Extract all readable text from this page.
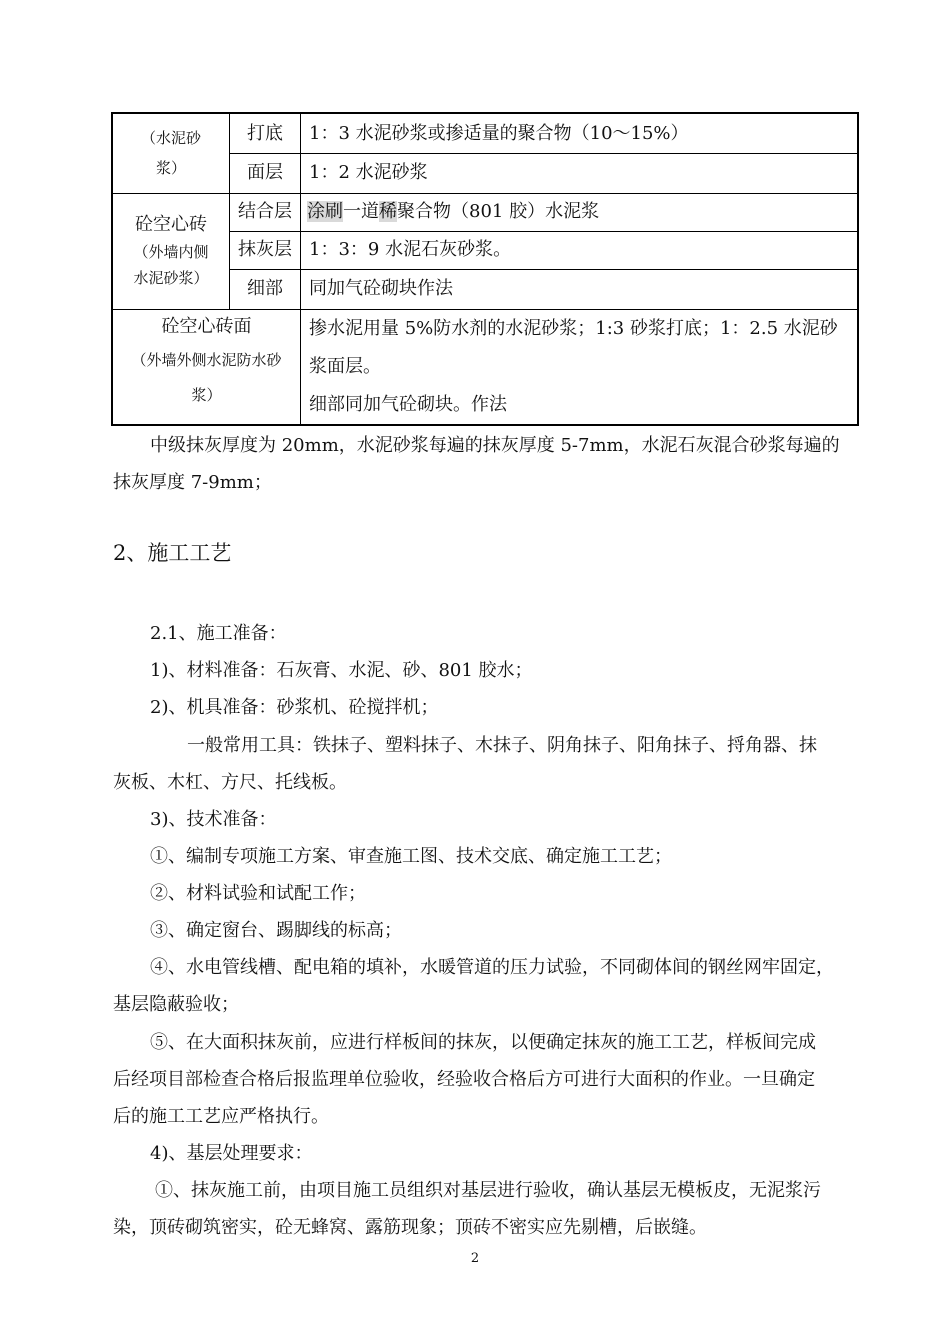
（水泥砂
浆）	打底	1：3 水泥砂浆或掺适量的聚合物（10～15%）
	面层	1：2 水泥砂浆

砼空心砖
（外墙内侧
水泥砂浆）	结合层	涂刷一道稀聚合物（801 胶）水泥浆
	抹灰层	1：3：9 水泥石灰砂浆。
	细部	同加气砼砌块作法

砼空心砖面
（外墙外侧水泥防水砂
浆）		掺水泥用量 5%防水剂的水泥砂浆；1:3 砂浆打底；1：2.5 水泥砂
浆面层。
细部同加气砼砌块。作法

中级抹灰厚度为 20mm，水泥砂浆每遍的抹灰厚度 5-7mm，水泥石灰混合砂浆每遍的

抹灰厚度 7-9mm；

2、施工工艺

2.1、施工准备：

1)、材料准备：石灰膏、水泥、砂、801 胶水；

2)、机具准备：砂浆机、砼搅拌机；

一般常用工具：铁抹子、塑料抹子、木抹子、阴角抹子、阳角抹子、捋角器、抹

灰板、木杠、方尺、托线板。

3)、技术准备：

①、编制专项施工方案、审查施工图、技术交底、确定施工工艺；

②、材料试验和试配工作；

③、确定窗台、踢脚线的标高；

④、水电管线槽、配电箱的填补，水暖管道的压力试验，不同砌体间的钢丝网牢固定，

基层隐蔽验收；

⑤、在大面积抹灰前，应进行样板间的抹灰，以便确定抹灰的施工工艺，样板间完成

后经项目部检查合格后报监理单位验收，经验收合格后方可进行大面积的作业。一旦确定

后的施工工艺应严格执行。

4)、基层处理要求：

①、抹灰施工前，由项目施工员组织对基层进行验收，确认基层无模板皮，无泥浆污

染，顶砖砌筑密实，砼无蜂窝、露筋现象；顶砖不密实应先剔槽，后嵌缝。

2
